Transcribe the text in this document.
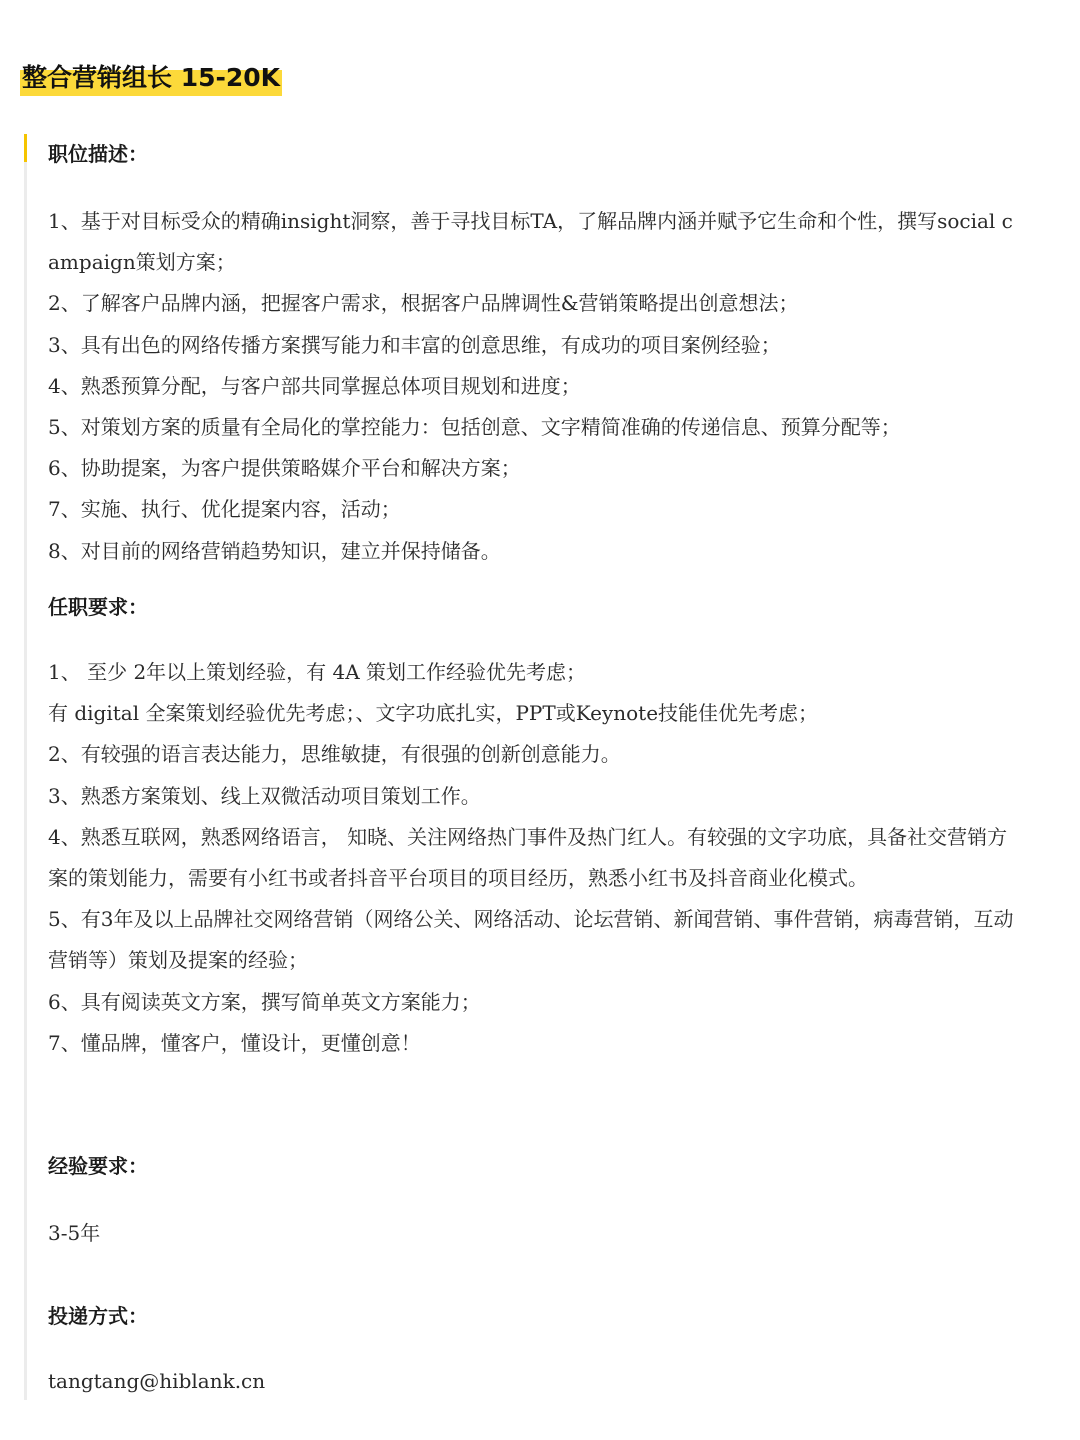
整合营销组长 15-20K
职位描述：
1、基于对目标受众的精确insight洞察，善于寻找目标TA，了解品牌内涵并赋予它生命和个性，撰写social campaign策划方案；
2、了解客户品牌内涵，把握客户需求，根据客户品牌调性&营销策略提出创意想法；
3、具有出色的网络传播方案撰写能力和丰富的创意思维，有成功的项目案例经验；
4、熟悉预算分配，与客户部共同掌握总体项目规划和进度；
5、对策划方案的质量有全局化的掌控能力：包括创意、文字精简准确的传递信息、预算分配等；
6、协助提案，为客户提供策略媒介平台和解决方案；
7、实施、执行、优化提案内容，活动；
8、对目前的网络营销趋势知识，建立并保持储备。
任职要求：
1、 至少 2年以上策划经验，有 4A 策划工作经验优先考虑；
有 digital 全案策划经验优先考虑；、文字功底扎实，PPT或Keynote技能佳优先考虑；
2、有较强的语言表达能力，思维敏捷，有很强的创新创意能力。
3、熟悉方案策划、线上双微活动项目策划工作。
4、熟悉互联网，熟悉网络语言， 知晓、关注网络热门事件及热门红人。有较强的文字功底，具备社交营销方案的策划能力，需要有小红书或者抖音平台项目的项目经历，熟悉小红书及抖音商业化模式。
5、有3年及以上品牌社交网络营销（网络公关、网络活动、论坛营销、新闻营销、事件营销，病毒营销，互动营销等）策划及提案的经验；
6、具有阅读英文方案，撰写简单英文方案能力；
7、懂品牌，懂客户，懂设计，更懂创意！
经验要求：

3-5年

投递方式：

tangtang@hiblank.cn
